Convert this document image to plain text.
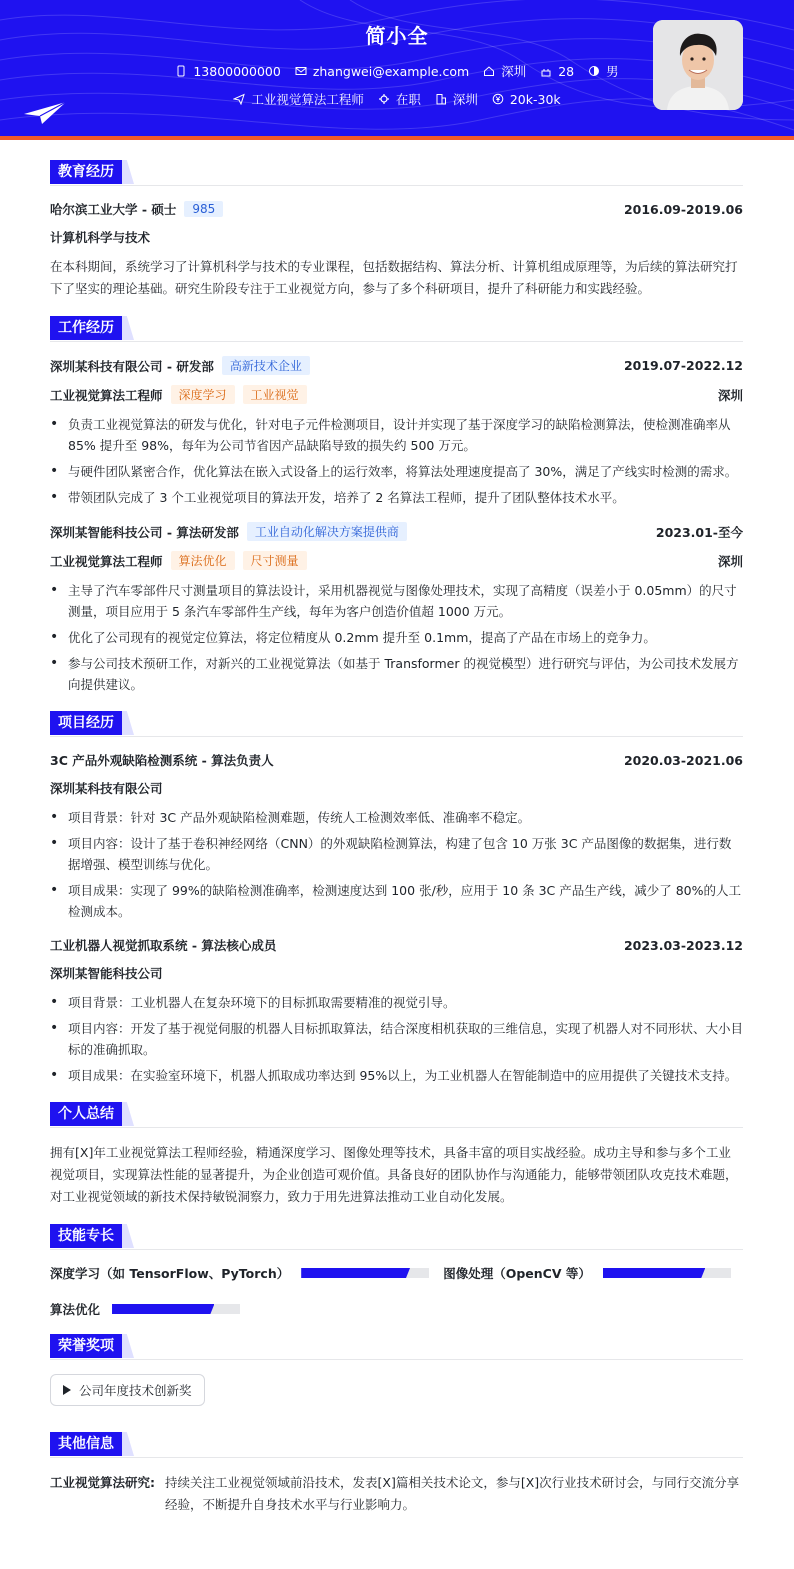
简小全
13800000000	zhangwei@example.com	深圳	28	男
工业视觉算法工程师	在职	深圳	20k-30k
教育经历
哈尔滨工业大学 - 硕士	985	2016.09-2019.06
计算机科学与技术

在本科期间，系统学习了计算机科学与技术的专业课程，包括数据结构、算法分析、计算机组成原理等，为后续的算法研究打下了坚实的理论基础。研究生阶段专注于工业视觉方向，参与了多个科研项目，提升了科研能力和实践经验。

工作经历
深圳某科技有限公司 - 研发部	高新技术企业	2019.07-2022.12
工业视觉算法工程师	深度学习	工业视觉	深圳
• 负责工业视觉算法的研发与优化，针对电子元件检测项目，设计并实现了基于深度学习的缺陷检测算法，使检测准确率从 85% 提升至 98%，每年为公司节省因产品缺陷导致的损失约 500 万元。
• 与硬件团队紧密合作，优化算法在嵌入式设备上的运行效率，将算法处理速度提高了 30%，满足了产线实时检测的需求。
• 带领团队完成了 3 个工业视觉项目的算法开发，培养了 2 名算法工程师，提升了团队整体技术水平。
深圳某智能科技公司 - 算法研发部	工业自动化解决方案提供商	2023.01-至今
工业视觉算法工程师	算法优化	尺寸测量	深圳
• 主导了汽车零部件尺寸测量项目的算法设计，采用机器视觉与图像处理技术，实现了高精度（误差小于 0.05mm）的尺寸测量，项目应用于 5 条汽车零部件生产线，每年为客户创造价值超 1000 万元。
• 优化了公司现有的视觉定位算法，将定位精度从 0.2mm 提升至 0.1mm，提高了产品在市场上的竞争力。
• 参与公司技术预研工作，对新兴的工业视觉算法（如基于 Transformer 的视觉模型）进行研究与评估，为公司技术发展方向提供建议。
项目经历
3C 产品外观缺陷检测系统 - 算法负责人	2020.03-2021.06
深圳某科技有限公司
• 项目背景：针对 3C 产品外观缺陷检测难题，传统人工检测效率低、准确率不稳定。
• 项目内容：设计了基于卷积神经网络（CNN）的外观缺陷检测算法，构建了包含 10 万张 3C 产品图像的数据集，进行数据增强、模型训练与优化。
• 项目成果：实现了 99%的缺陷检测准确率，检测速度达到 100 张/秒，应用于 10 条 3C 产品生产线，减少了 80%的人工检测成本。
工业机器人视觉抓取系统 - 算法核心成员	2023.03-2023.12
深圳某智能科技公司
• 项目背景：工业机器人在复杂环境下的目标抓取需要精准的视觉引导。
• 项目内容：开发了基于视觉伺服的机器人目标抓取算法，结合深度相机获取的三维信息，实现了机器人对不同形状、大小目标的准确抓取。
• 项目成果：在实验室环境下，机器人抓取成功率达到 95%以上，为工业机器人在智能制造中的应用提供了关键技术支持。
个人总结

拥有[X]年工业视觉算法工程师经验，精通深度学习、图像处理等技术，具备丰富的项目实战经验。成功主导和参与多个工业视觉项目，实现算法性能的显著提升，为企业创造可观价值。具备良好的团队协作与沟通能力，能够带领团队攻克技术难题，对工业视觉领域的新技术保持敏锐洞察力，致力于用先进算法推动工业自动化发展。

技能专长
深度学习（如 TensorFlow、PyTorch）	图像处理（OpenCV 等）
算法优化
荣誉奖项
公司年度技术创新奖
其他信息
工业视觉算法研究: 持续关注工业视觉领域前沿技术，发表[X]篇相关技术论文，参与[X]次行业技术研讨会，与同行交流分享经验，不断提升自身技术水平与行业影响力。
